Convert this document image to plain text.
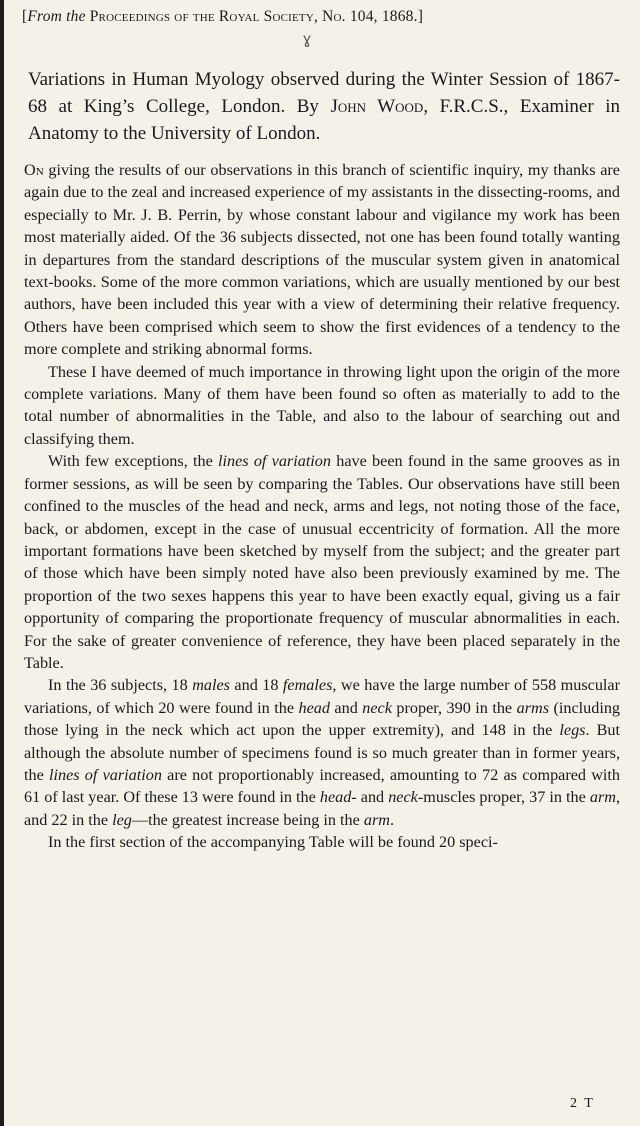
[From the Proceedings of the Royal Society, No. 104, 1868.]
ɣ
Variations in Human Myology observed during the Winter Session of 1867-68 at King’s College, London. By John Wood, F.R.C.S., Examiner in Anatomy to the University of London.

On giving the results of our observations in this branch of scientific inquiry, my thanks are again due to the zeal and increased experience of my assistants in the dissecting-rooms, and especially to Mr. J. B. Perrin, by whose constant labour and vigilance my work has been most materially aided. Of the 36 subjects dissected, not one has been found totally wanting in departures from the standard descriptions of the muscular system given in anatomical text-books. Some of the more common variations, which are usually mentioned by our best authors, have been included this year with a view of determining their relative frequency. Others have been comprised which seem to show the first evidences of a tendency to the more complete and striking abnormal forms.

These I have deemed of much importance in throwing light upon the origin of the more complete variations. Many of them have been found so often as materially to add to the total number of abnormalities in the Table, and also to the labour of searching out and classifying them.

With few exceptions, the lines of variation have been found in the same grooves as in former sessions, as will be seen by comparing the Tables. Our observations have still been confined to the muscles of the head and neck, arms and legs, not noting those of the face, back, or abdomen, except in the case of unusual eccentricity of formation. All the more important formations have been sketched by myself from the subject; and the greater part of those which have been simply noted have also been previously examined by me. The proportion of the two sexes happens this year to have been exactly equal, giving us a fair opportunity of comparing the proportionate frequency of muscular abnormalities in each. For the sake of greater convenience of reference, they have been placed separately in the Table.

In the 36 subjects, 18 males and 18 females, we have the large number of 558 muscular variations, of which 20 were found in the head and neck proper, 390 in the arms (including those lying in the neck which act upon the upper extremity), and 148 in the legs. But although the absolute number of specimens found is so much greater than in former years, the lines of variation are not proportionably increased, amounting to 72 as compared with 61 of last year. Of these 13 were found in the head- and neck-muscles proper, 37 in the arm, and 22 in the leg—the greatest increase being in the arm.

In the first section of the accompanying Table will be found 20 speci-

2 T
